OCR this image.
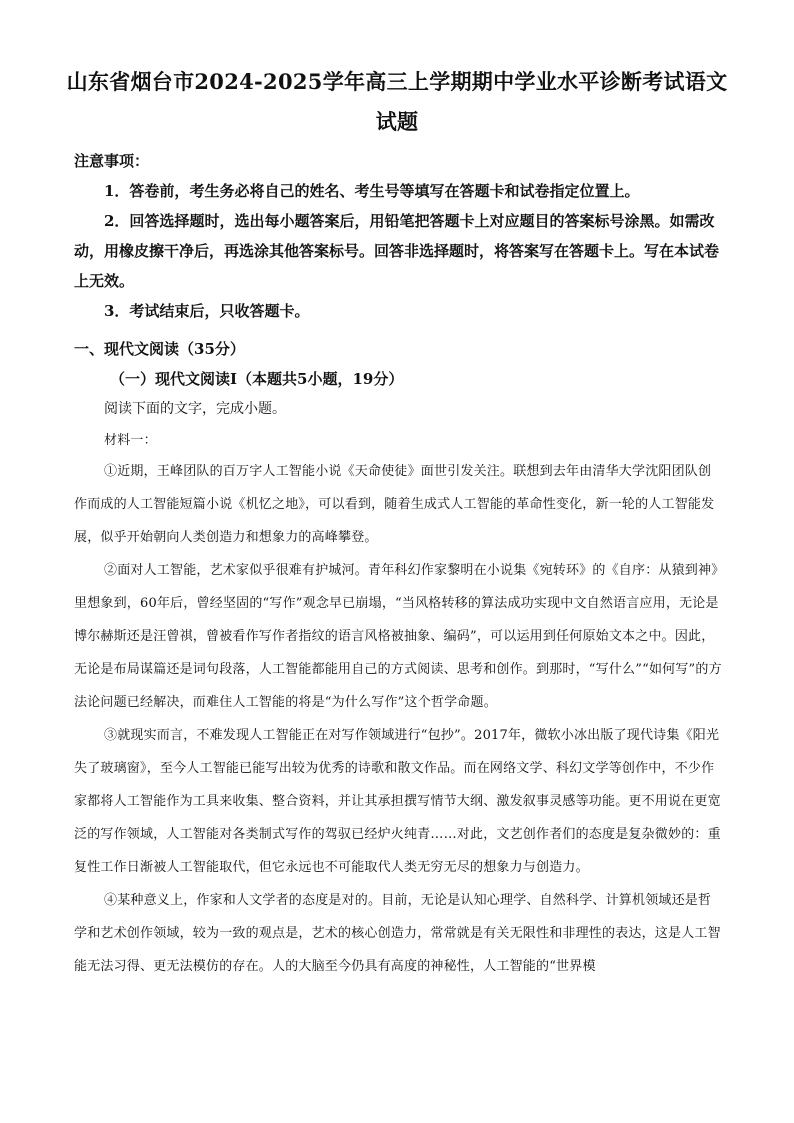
山东省烟台市2024-2025学年高三上学期期中学业水平诊断考试语文
试题

注意事项：

1．答卷前，考生务必将自己的姓名、考生号等填写在答题卡和试卷指定位置上。

2．回答选择题时，选出每小题答案后，用铅笔把答题卡上对应题目的答案标号涂黑。如需改动，用橡皮擦干净后，再选涂其他答案标号。回答非选择题时，将答案写在答题卡上。写在本试卷上无效。

3．考试结束后，只收答题卡。

一、现代文阅读（35分）

（一）现代文阅读Ⅰ（本题共5小题，19分）

阅读下面的文字，完成小题。

材料一：

①近期，王峰团队的百万字人工智能小说《天命使徒》面世引发关注。联想到去年由清华大学沈阳团队创作而成的人工智能短篇小说《机忆之地》，可以看到，随着生成式人工智能的革命性变化，新一轮的人工智能发展，似乎开始朝向人类创造力和想象力的高峰攀登。

②面对人工智能，艺术家似乎很难有护城河。青年科幻作家黎明在小说集《宛转环》的《自序：从猿到神》里想象到，60年后，曾经坚固的“写作”观念早已崩塌，“当风格转移的算法成功实现中文自然语言应用，无论是博尔赫斯还是汪曾祺，曾被看作写作者指纹的语言风格被抽象、编码”，可以运用到任何原始文本之中。因此，无论是布局谋篇还是词句段落，人工智能都能用自己的方式阅读、思考和创作。到那时，“写什么”“如何写”的方法论问题已经解决，而难住人工智能的将是“为什么写作”这个哲学命题。

③就现实而言，不难发现人工智能正在对写作领域进行“包抄”。2017年，微软小冰出版了现代诗集《阳光失了玻璃窗》，至今人工智能已能写出较为优秀的诗歌和散文作品。而在网络文学、科幻文学等创作中，不少作家都将人工智能作为工具来收集、整合资料，并让其承担撰写情节大纲、激发叙事灵感等功能。更不用说在更宽泛的写作领域，人工智能对各类制式写作的驾驭已经炉火纯青……对此，文艺创作者们的态度是复杂微妙的：重复性工作日渐被人工智能取代，但它永远也不可能取代人类无穷无尽的想象力与创造力。

④某种意义上，作家和人文学者的态度是对的。目前，无论是认知心理学、自然科学、计算机领域还是哲学和艺术创作领域，较为一致的观点是，艺术的核心创造力，常常就是有关无限性和非理性的表达，这是人工智能无法习得、更无法模仿的存在。人的大脑至今仍具有高度的神秘性，人工智能的“世界模
